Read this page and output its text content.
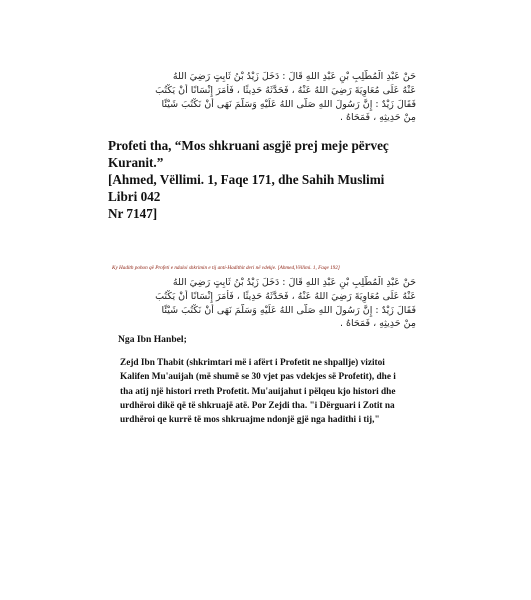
حَنْ عَبْدِ الْمُطَّلِبِ بْنِ عَبْدِ اللهِ قَالَ : دَخَلَ زَيْدُ بْنُ ثَابِتٍ رَضِيَ اللهُ
عَنْهُ عَلَى مُعَاوِيَةَ رَضِيَ اللهُ عَنْهُ ، فَحَدَّثَهُ حَدِيثًا ، فَأَمَرَ إِنْسَانًا أَنْ يَكْتُبَ
فَقَالَ زَيْدٌ : إِنَّ رَسُولَ اللهِ صَلَّى اللهُ عَلَيْهِ وَسَلَّمَ نَهَى أَنْ نَكْتُبَ شَيْئًا
مِنْ حَدِيثِهِ ، فَمَحَاهُ .
Profeti tha, “Mos shkruani asgjë prej meje përveç Kuranit.”
[Ahmed, Vëllimi. 1, Faqe 171, dhe Sahih Muslimi Libri 042
Nr 7147]
Ky Hadith pohon që Profeti e ndaloi shkrimin e tij anti-Hadithit deri në vdekje. [Ahmed,Vëllimi. 1, Faqe 192]
حَنْ عَبْدِ الْمُطَّلِبِ بْنِ عَبْدِ اللهِ قَالَ : دَخَلَ زَيْدُ بْنُ ثَابِتٍ رَضِيَ اللهُ
عَنْهُ عَلَى مُعَاوِيَةَ رَضِيَ اللهُ عَنْهُ ، فَحَدَّثَهُ حَدِيثًا ، فَأَمَرَ إِنْسَانًا أَنْ يَكْتُبَ
فَقَالَ زَيْدٌ : إِنَّ رَسُولَ اللهِ صَلَّى اللهُ عَلَيْهِ وَسَلَّمَ نَهَى أَنْ نَكْتُبَ شَيْئًا
مِنْ حَدِيثِهِ ، فَمَحَاهُ .
Nga Ibn Hanbel;
Zejd Ibn Thabit (shkrimtari më i afërt i Profetit ne shpallje) vizitoi
Kalifen Mu'auijah (më shumë se 30 vjet pas vdekjes së Profetit), dhe i
tha atij një histori rreth Profetit. Mu'auijahut i pëlqeu kjo histori dhe
urdhëroi dikë që të shkruajë atë. Por Zejdi tha. "i Dërguari i Zotit na
urdhëroi qe kurrë të mos shkruajme ndonjë gjë nga hadithi i tij,"
